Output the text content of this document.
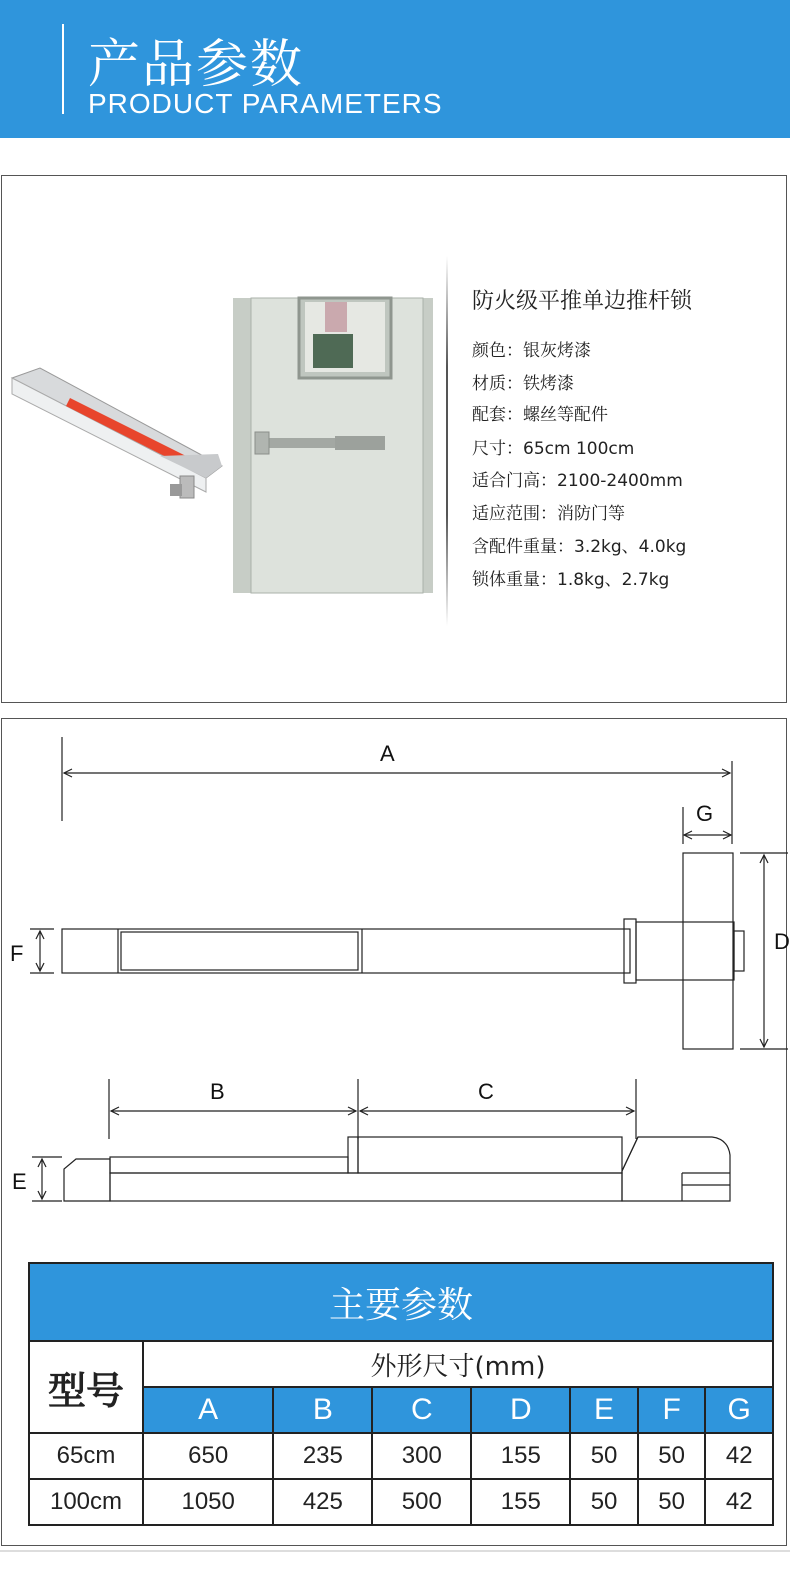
产品参数
PRODUCT PARAMETERS
防火级平推单边推杆锁
颜色：银灰烤漆
材质：铁烤漆
配套：螺丝等配件
尺寸：65cm 100cm
适合门高：2100-2400mm
适应范围：消防门等
含配件重量：3.2kg、4.0kg
锁体重量：1.8kg、2.7kg
A
G
D
F
B	C
E
主要参数							
型号	外形尺寸(mm)						
	A	B	C	D	E	F	G
65cm	650	235	300	155	50	50	42
100cm	1050	425	500	155	50	50	42
